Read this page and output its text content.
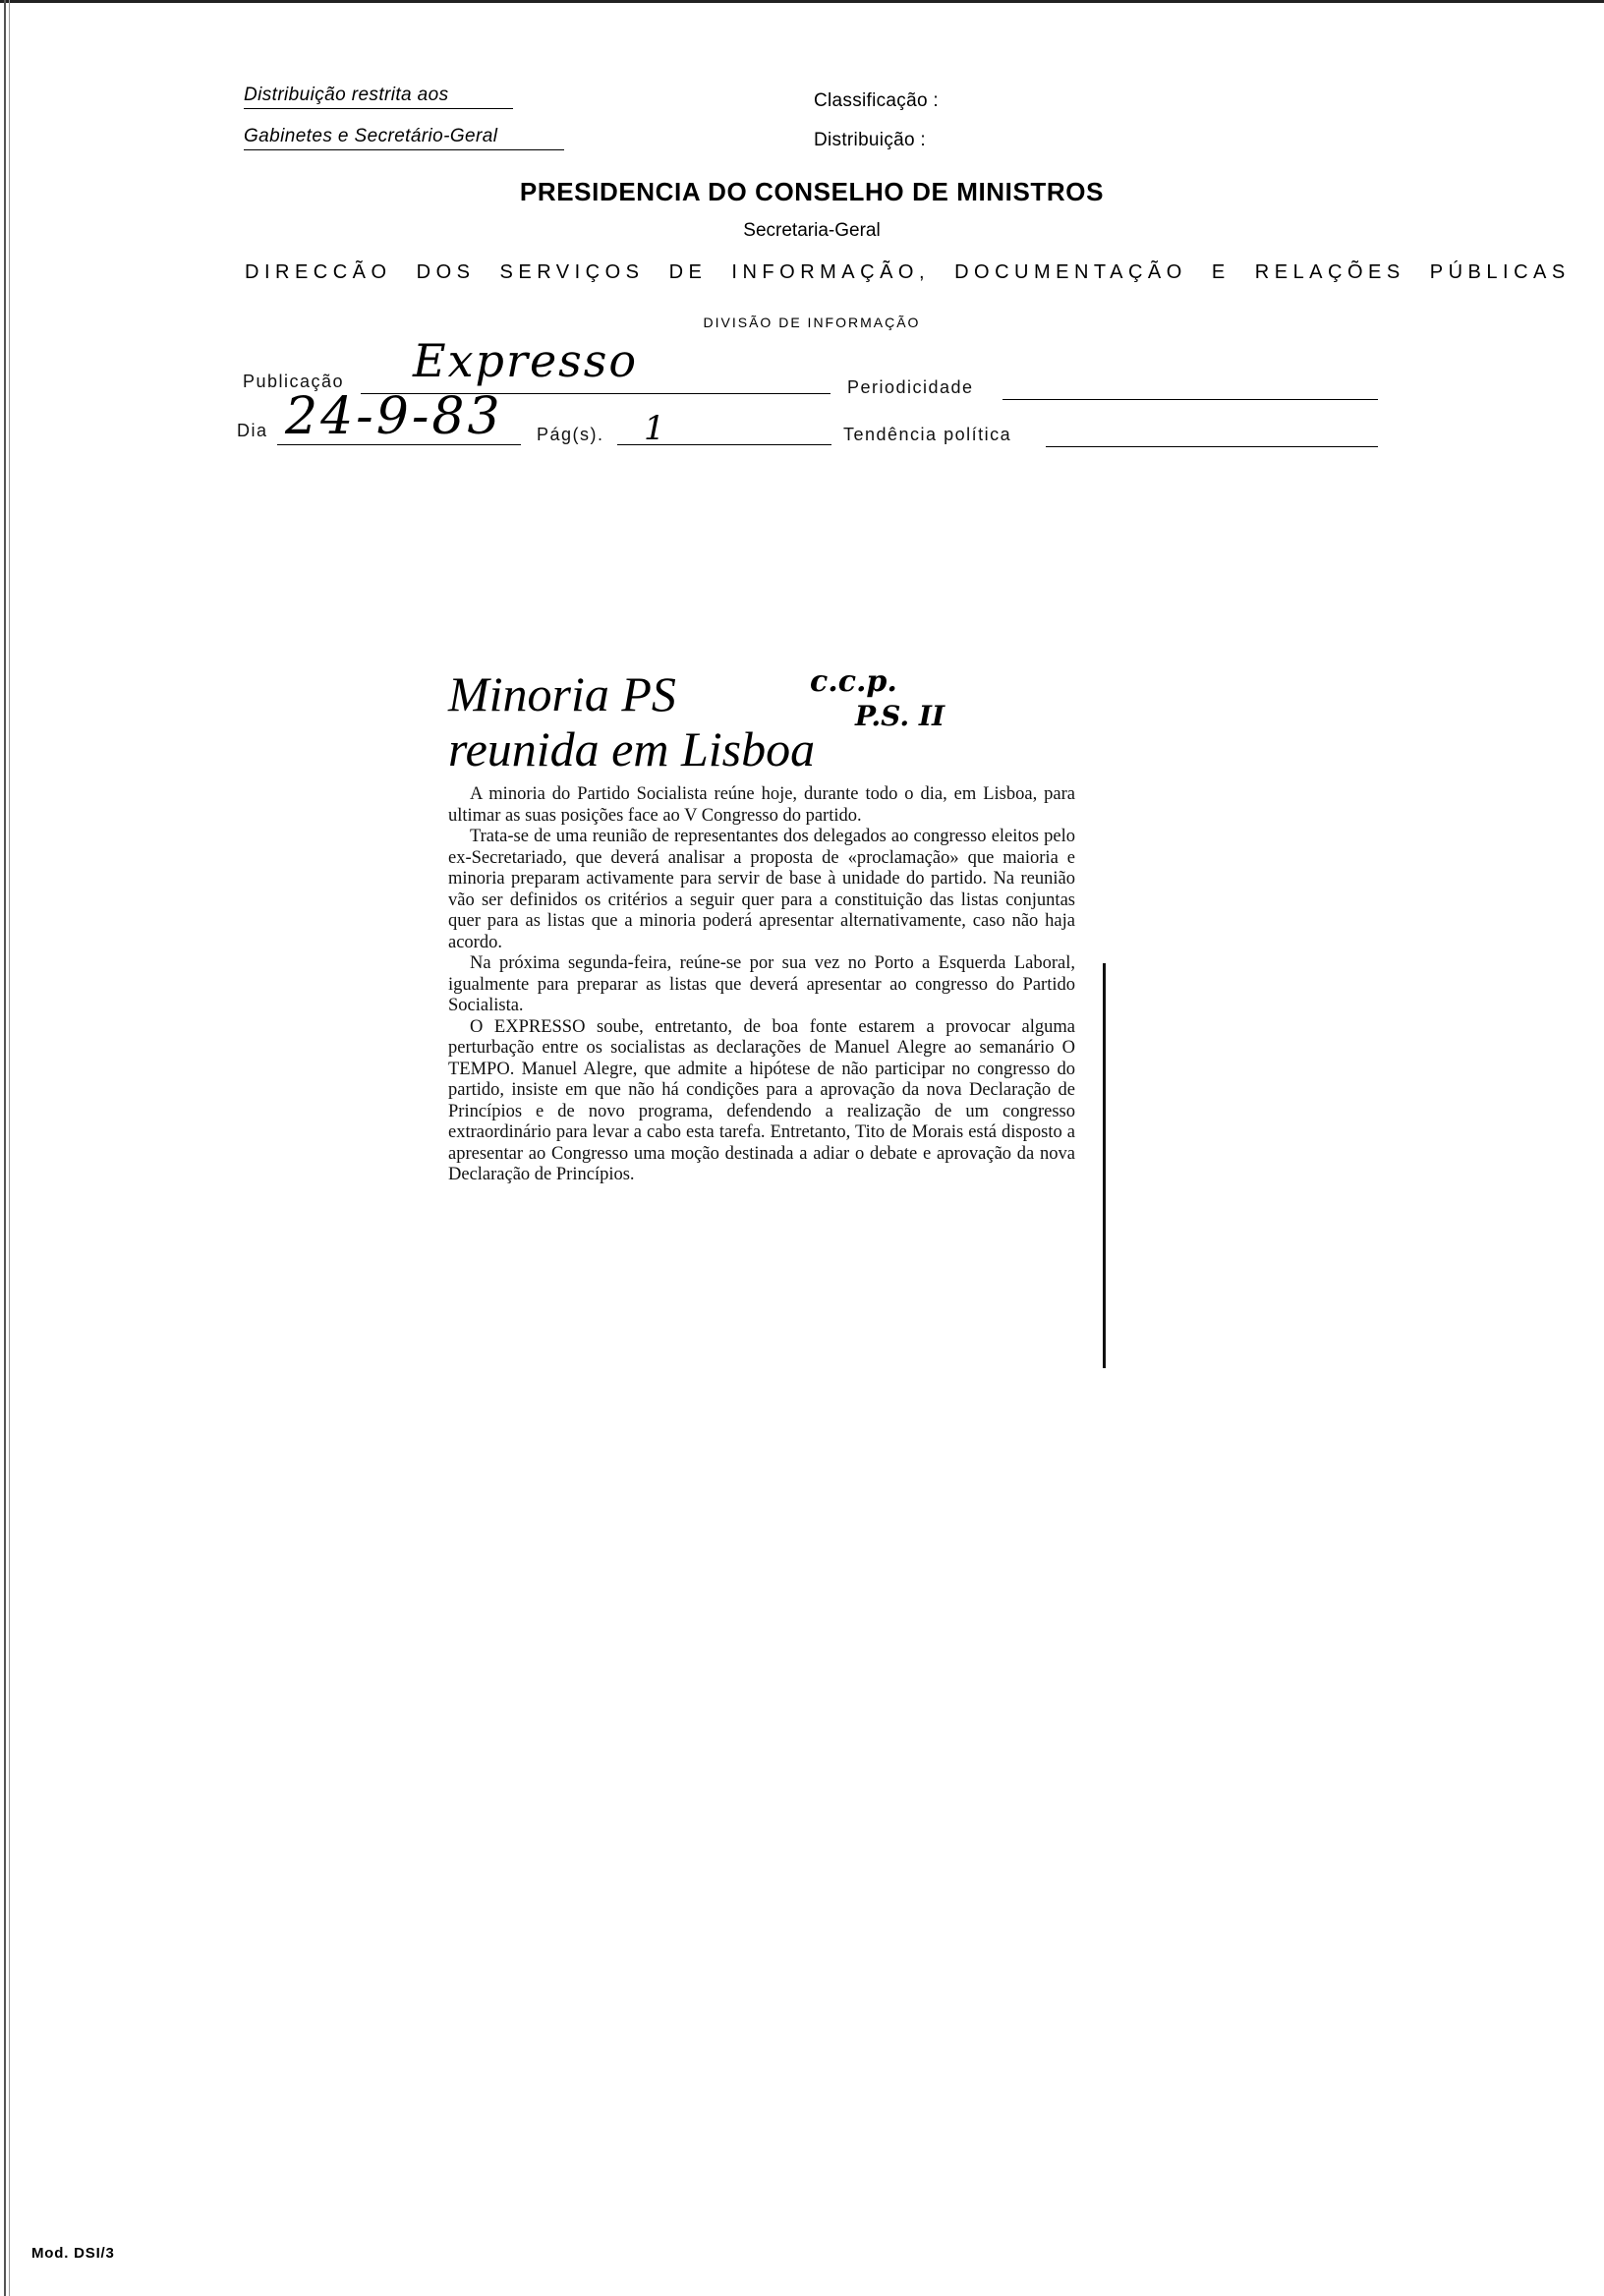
Distribuição restrita aos
Gabinetes e Secretário-Geral
Classificação :
Distribuição :
PRESIDENCIA DO CONSELHO DE MINISTROS
Secretaria-Geral
DIRECCÃO DOS SERVIÇOS DE INFORMAÇÃO, DOCUMENTAÇÃO E RELAÇÕES PÚBLICAS
DIVISÃO DE INFORMAÇÃO
Publicação Expresso	Periodicidade
Dia 24-9-83 Pág(s). 1	Tendência política
Minoria PS
reunida em Lisboa
c.c.p.
P.S. II

A minoria do Partido Socialista reúne hoje, durante todo o dia, em Lisboa, para ultimar as suas posições face ao V Congresso do partido.

Trata-se de uma reunião de representantes dos delegados ao congresso eleitos pelo ex-Secretariado, que deverá analisar a proposta de «proclamação» que maioria e minoria preparam activamente para servir de base à unidade do partido. Na reunião vão ser definidos os critérios a seguir quer para a constituição das listas conjuntas quer para as listas que a minoria poderá apresentar alternativamente, caso não haja acordo.

Na próxima segunda-feira, reúne-se por sua vez no Porto a Esquerda Laboral, igualmente para preparar as listas que deverá apresentar ao congresso do Partido Socialista.

O EXPRESSO soube, entretanto, de boa fonte estarem a provocar alguma perturbação entre os socialistas as declarações de Manuel Alegre ao semanário O TEMPO. Manuel Alegre, que admite a hipótese de não participar no congresso do partido, insiste em que não há condições para a aprovação da nova Declaração de Princípios e de novo programa, defendendo a realização de um congresso extraordinário para levar a cabo esta tarefa. Entretanto, Tito de Morais está disposto a apresentar ao Congresso uma moção destinada a adiar o debate e aprovação da nova Declaração de Princípios.

Mod. DSI/3
